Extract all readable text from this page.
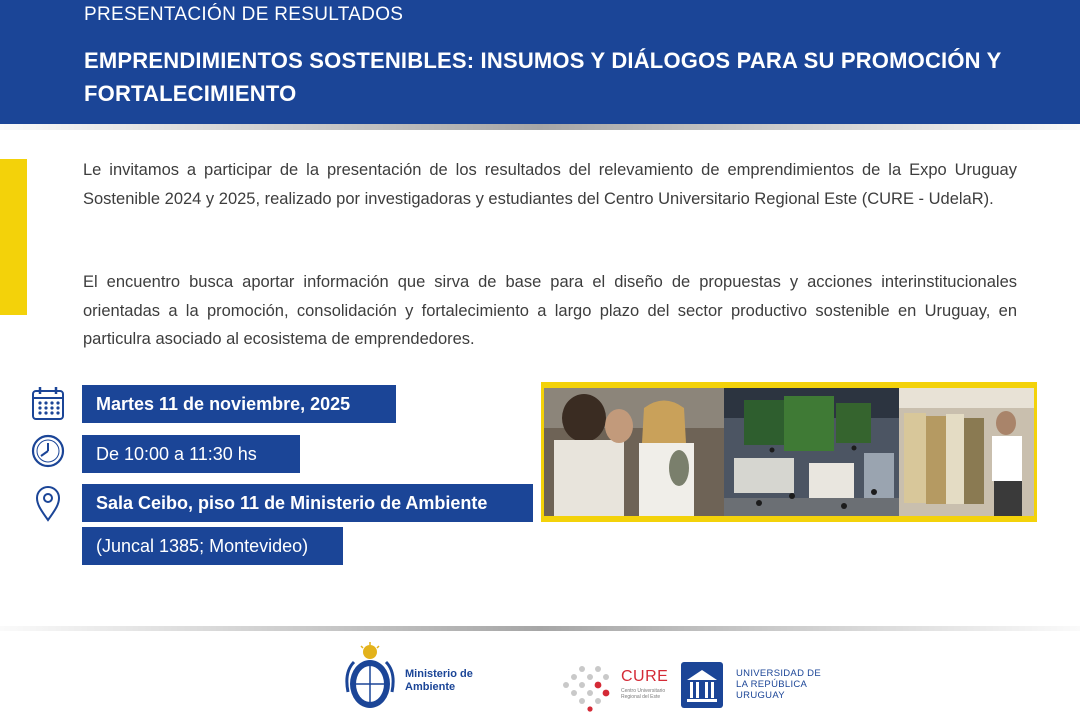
PRESENTACIÓN DE RESULTADOS
EMPRENDIMIENTOS SOSTENIBLES: INSUMOS Y DIÁLOGOS PARA SU PROMOCIÓN Y FORTALECIMIENTO
Le invitamos a participar de la presentación de los resultados del relevamiento de emprendimientos de la Expo Uruguay Sostenible 2024 y 2025, realizado por investigadoras y estudiantes del Centro Universitario Regional Este (CURE - UdelaR).
El encuentro busca aportar información que sirva de base para el diseño de propuestas y acciones interinstitucionales orientadas a la promoción, consolidación y fortalecimiento a largo plazo del sector productivo sostenible en Uruguay, en particulra asociado al ecosistema de emprendedores.
Martes 11 de noviembre, 2025
De 10:00 a 11:30 hs
Sala Ceibo, piso 11 de Ministerio de Ambiente
(Juncal 1385; Montevideo)
Ministerio de Ambiente
CURE
Centro Universitario Regional del Este
UNIVERSIDAD DE LA REPÚBLICA URUGUAY
